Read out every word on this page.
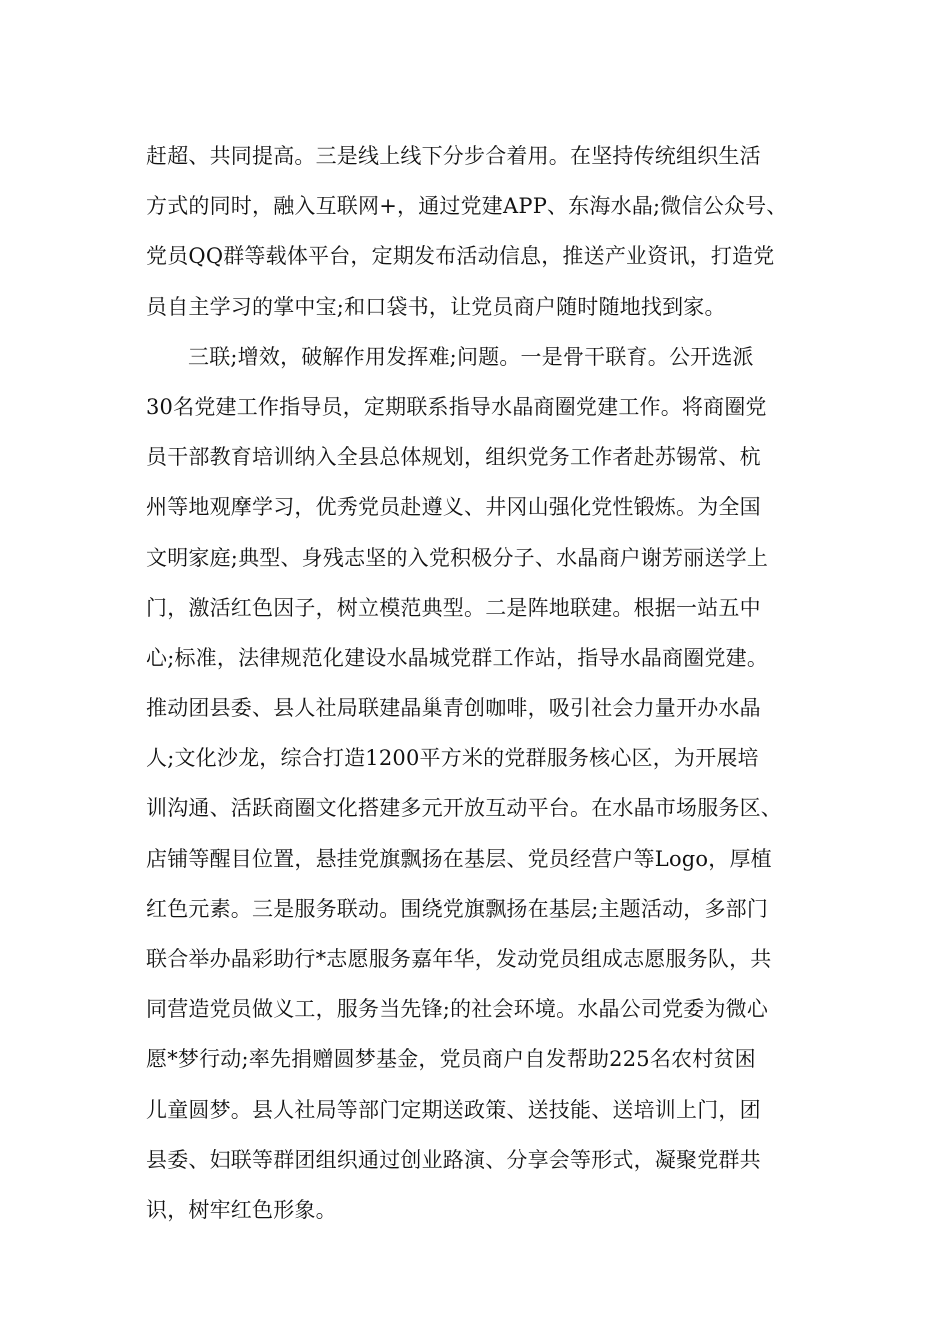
赶超、共同提高。三是线上线下分步合着用。在坚持传统组织生活
方式的同时，融入互联网+，通过党建APP、东海水晶;微信公众号、
党员QQ群等载体平台，定期发布活动信息，推送产业资讯，打造党
员自主学习的掌中宝;和口袋书，让党员商户随时随地找到家。
三联;增效，破解作用发挥难;问题。一是骨干联育。公开选派
30名党建工作指导员，定期联系指导水晶商圈党建工作。将商圈党
员干部教育培训纳入全县总体规划，组织党务工作者赴苏锡常、杭
州等地观摩学习，优秀党员赴遵义、井冈山强化党性锻炼。为全国
文明家庭;典型、身残志坚的入党积极分子、水晶商户谢芳丽送学上
门，激活红色因子，树立模范典型。二是阵地联建。根据一站五中
心;标准，法律规范化建设水晶城党群工作站，指导水晶商圈党建。
推动团县委、县人社局联建晶巢青创咖啡，吸引社会力量开办水晶
人;文化沙龙，综合打造1200平方米的党群服务核心区，为开展培
训沟通、活跃商圈文化搭建多元开放互动平台。在水晶市场服务区、
店铺等醒目位置，悬挂党旗飘扬在基层、党员经营户等Logo，厚植
红色元素。三是服务联动。围绕党旗飘扬在基层;主题活动，多部门
联合举办晶彩助行*志愿服务嘉年华，发动党员组成志愿服务队，共
同营造党员做义工，服务当先锋;的社会环境。水晶公司党委为微心
愿*梦行动;率先捐赠圆梦基金，党员商户自发帮助225名农村贫困
儿童圆梦。县人社局等部门定期送政策、送技能、送培训上门，团
县委、妇联等群团组织通过创业路演、分享会等形式，凝聚党群共
识，树牢红色形象。
